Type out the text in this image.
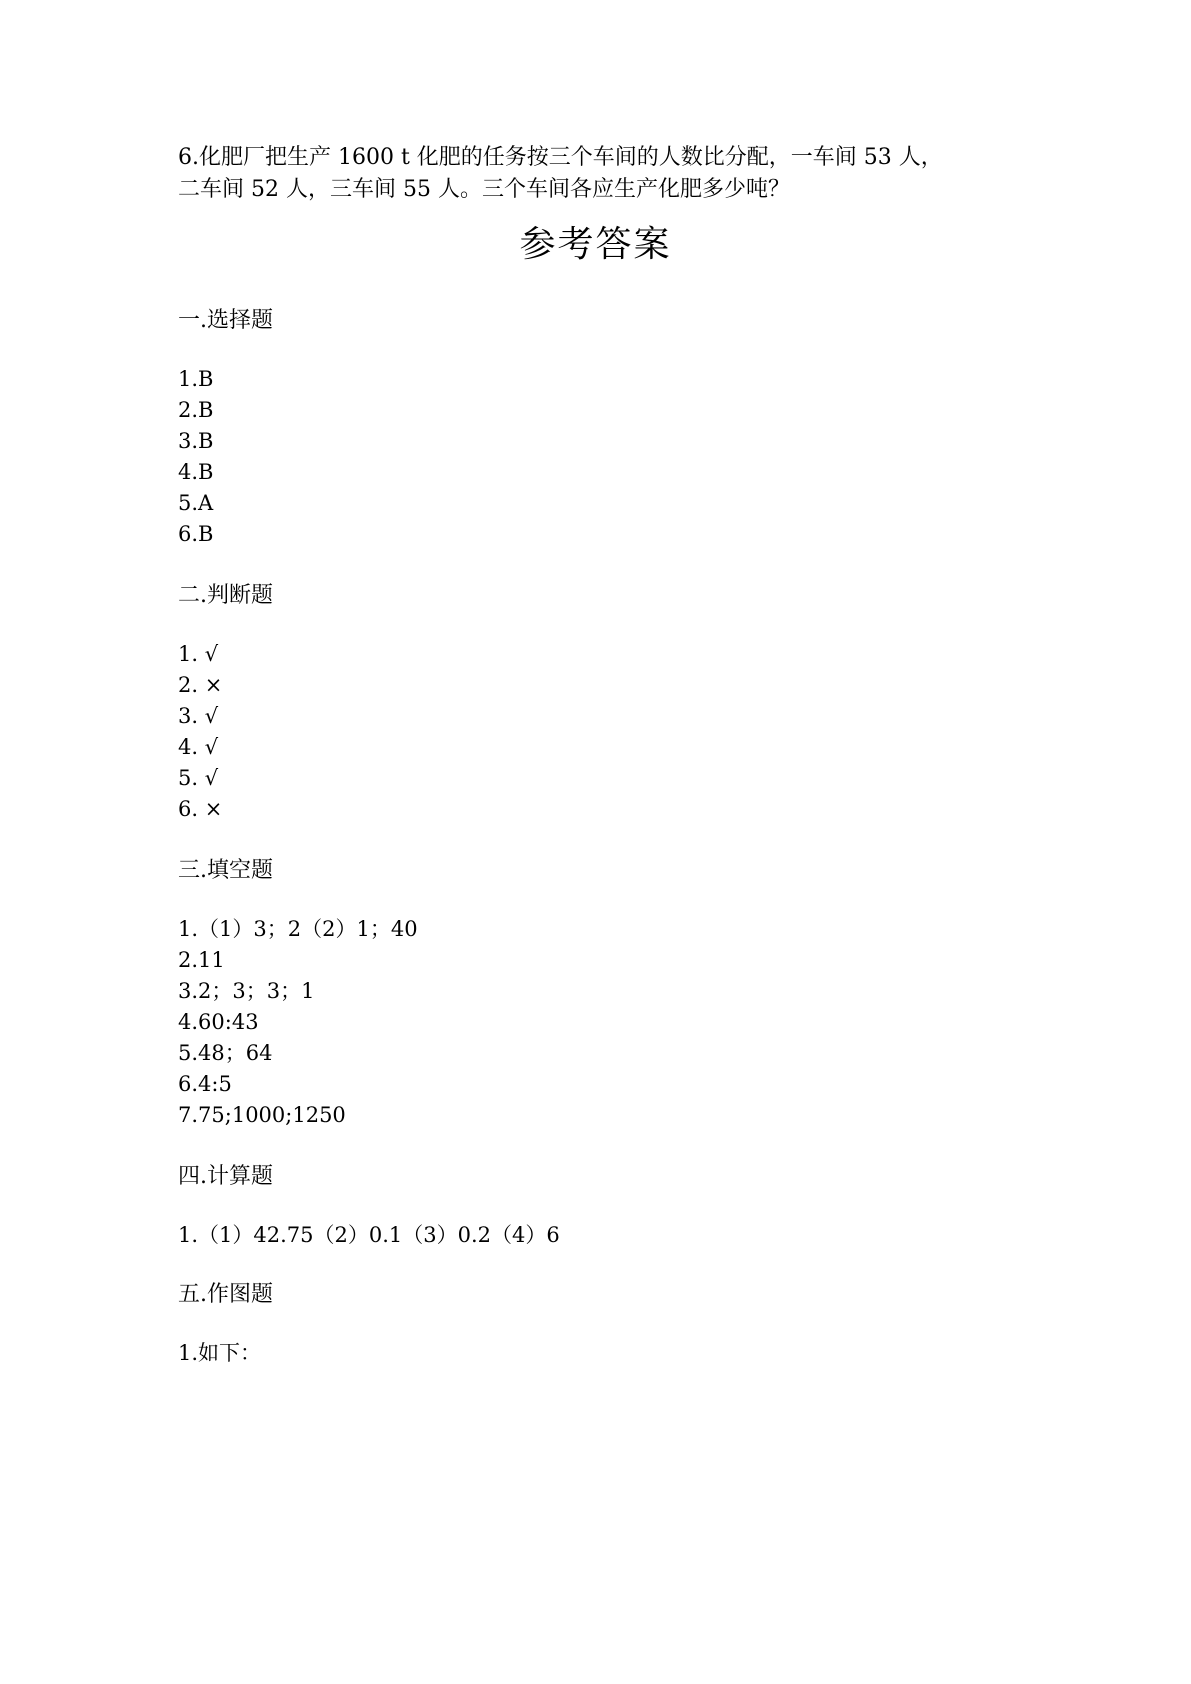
6.化肥厂把生产 1600 t 化肥的任务按三个车间的人数比分配，一车间 53 人，
二车间 52 人，三车间 55 人。三个车间各应生产化肥多少吨？
参考答案
一.选择题
1.B
2.B
3.B
4.B
5.A
6.B
二.判断题
1. √
2. ×
3. √
4. √
5. √
6. ×
三.填空题
1.（1）3；2（2）1；40
2.11
3.2；3；3；1
4.60:43
5.48；64
6.4:5
7.75;1000;1250
四.计算题
1.（1）42.75（2）0.1（3）0.2（4）6
五.作图题
1.如下：
